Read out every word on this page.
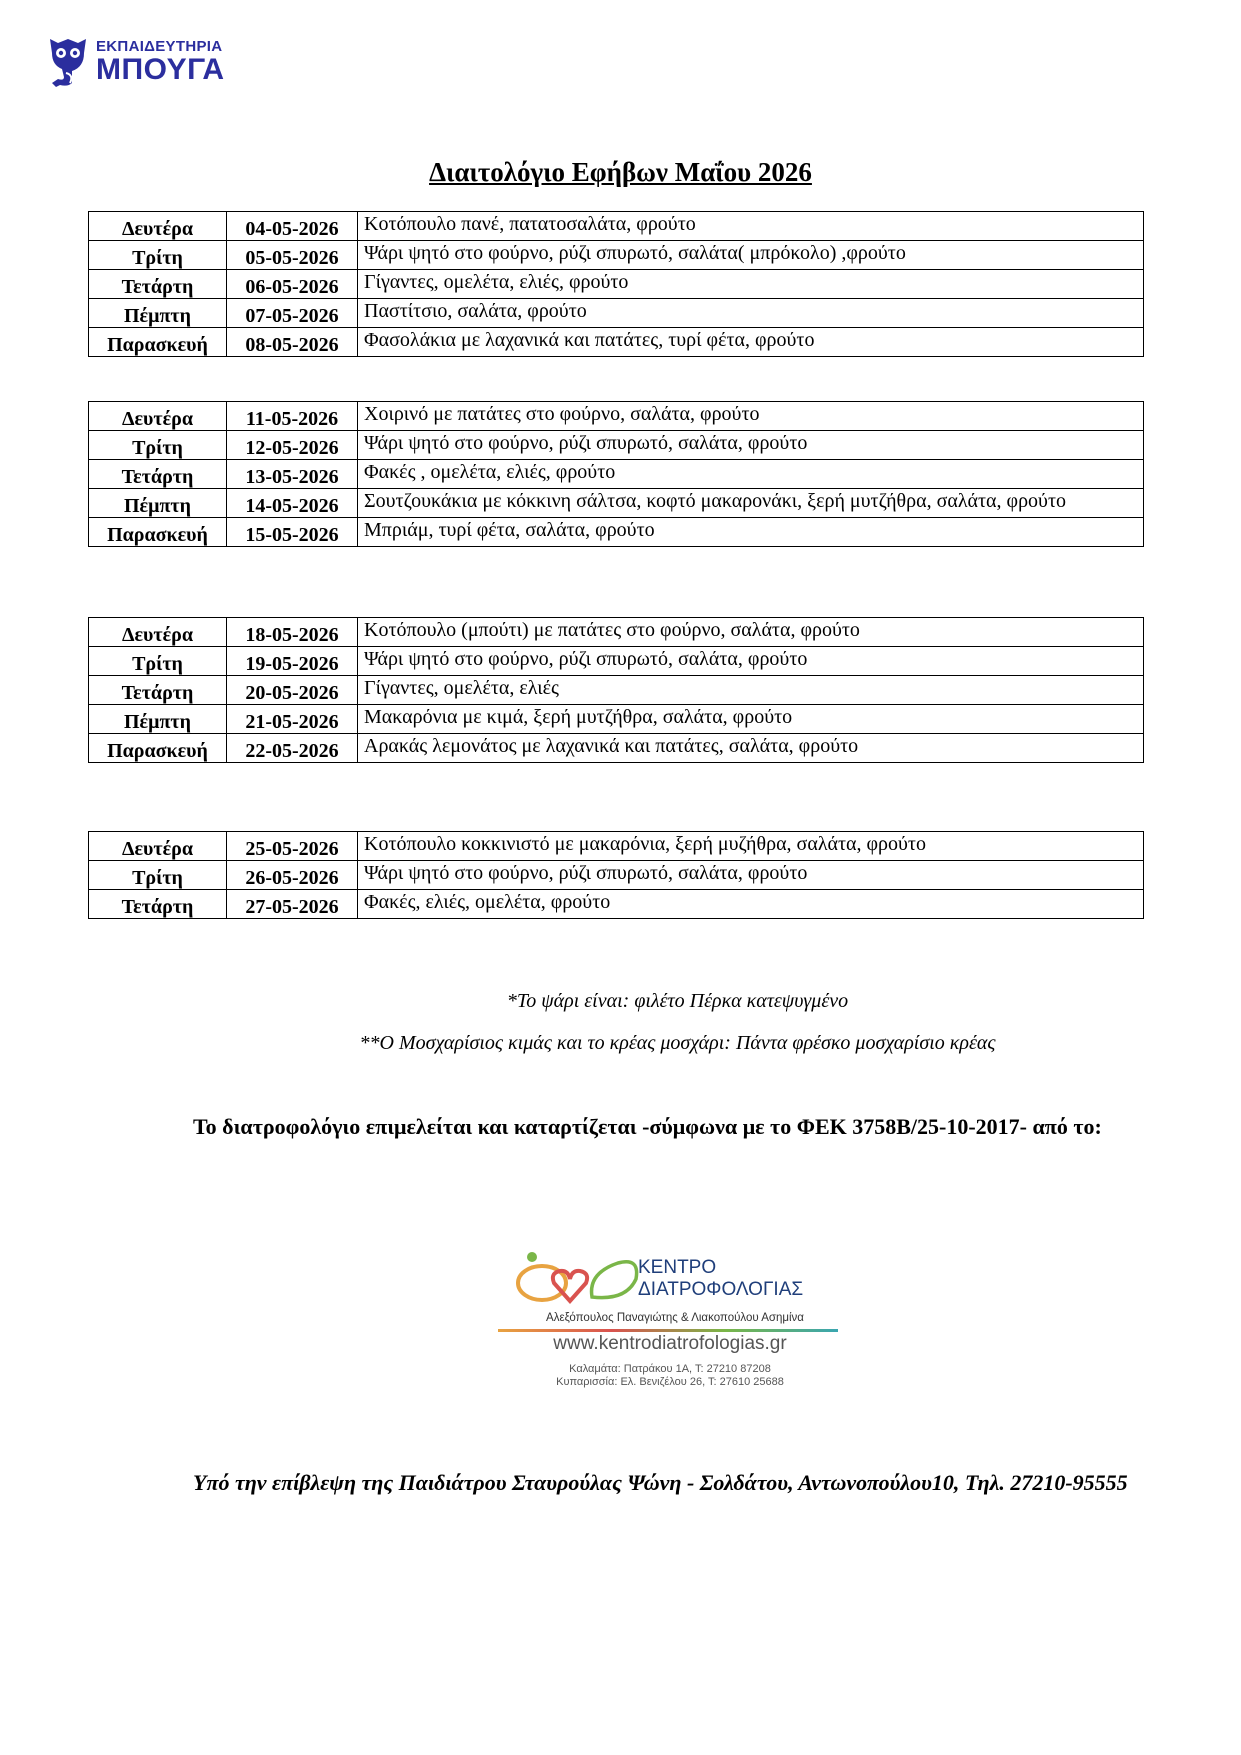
ΕΚΠΑΙΔΕΥΤΗΡΙΑ
ΜΠΟΥΓΑ
Διαιτολόγιο Εφήβων Μαΐου 2026
Δευτέρα	04-05-2026	Κοτόπουλο πανέ, πατατοσαλάτα, φρούτο
Τρίτη	05-05-2026	Ψάρι ψητό στο φούρνο, ρύζι σπυρωτό, σαλάτα( μπρόκολο) ,φρούτο
Τετάρτη	06-05-2026	Γίγαντες, ομελέτα, ελιές, φρούτο
Πέμπτη	07-05-2026	Παστίτσιο, σαλάτα, φρούτο
Παρασκευή	08-05-2026	Φασολάκια με λαχανικά και πατάτες, τυρί φέτα, φρούτο
Δευτέρα	11-05-2026	Χοιρινό με πατάτες στο φούρνο, σαλάτα, φρούτο
Τρίτη	12-05-2026	Ψάρι ψητό στο φούρνο, ρύζι σπυρωτό, σαλάτα, φρούτο
Τετάρτη	13-05-2026	Φακές , ομελέτα, ελιές, φρούτο
Πέμπτη	14-05-2026	Σουτζουκάκια με κόκκινη σάλτσα, κοφτό μακαρονάκι, ξερή μυτζήθρα, σαλάτα, φρούτο
Παρασκευή	15-05-2026	Μπριάμ, τυρί φέτα, σαλάτα, φρούτο
Δευτέρα	18-05-2026	Κοτόπουλο (μπούτι) με πατάτες στο φούρνο, σαλάτα, φρούτο
Τρίτη	19-05-2026	Ψάρι ψητό στο φούρνο, ρύζι σπυρωτό, σαλάτα, φρούτο
Τετάρτη	20-05-2026	Γίγαντες, ομελέτα, ελιές
Πέμπτη	21-05-2026	Μακαρόνια με κιμά, ξερή μυτζήθρα, σαλάτα, φρούτο
Παρασκευή	22-05-2026	Αρακάς λεμονάτος με λαχανικά και πατάτες, σαλάτα, φρούτο
Δευτέρα	25-05-2026	Κοτόπουλο κοκκινιστό με μακαρόνια, ξερή μυζήθρα, σαλάτα, φρούτο
Τρίτη	26-05-2026	Ψάρι ψητό στο φούρνο, ρύζι σπυρωτό, σαλάτα, φρούτο
Τετάρτη	27-05-2026	Φακές, ελιές, ομελέτα, φρούτο
*Το ψάρι είναι: φιλέτο Πέρκα κατεψυγμένο
**Ο Μοσχαρίσιος κιμάς και το κρέας μοσχάρι: Πάντα φρέσκο μοσχαρίσιο κρέας
Το διατροφολόγιο επιμελείται και καταρτίζεται -σύμφωνα με το ΦΕΚ 3758Β/25-10-2017- από το:
ΚΕΝΤΡΟ
ΔΙΑΤΡΟΦΟΛΟΓΙΑΣ
Αλεξόπουλος Παναγιώτης & Λιακοπούλου Ασημίνα
www.kentrodiatrofologias.gr
Καλαμάτα: Πατράκου 1Α, Τ: 27210 87208
Κυπαρισσία: Ελ. Βενιζέλου 26, Τ: 27610 25688
Υπό την επίβλεψη της Παιδιάτρου Σταυρούλας Ψώνη - Σολδάτου, Αντωνοπούλου10, Τηλ. 27210-95555
